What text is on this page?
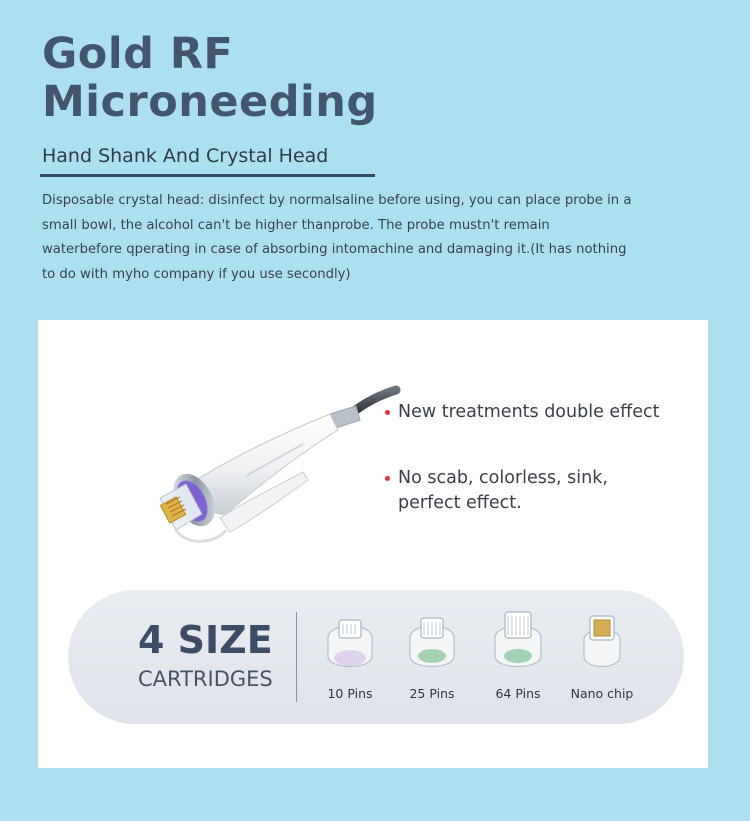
Gold RF
Microneeding
Hand Shank And Crystal Head

Disposable crystal head: disinfect by normalsaline before using, you can place probe in a small bowl, the alcohol can't be higher thanprobe. The probe mustn't remain waterbefore qperating in case of absorbing intomachine and damaging it.(It has nothing to do with myho company if you use secondly)

New treatments double effect
No scab, colorless, sink,
perfect effect.
4 SIZE
CARTRIDGES
10 Pins	25 Pins	64 Pins	Nano chip
